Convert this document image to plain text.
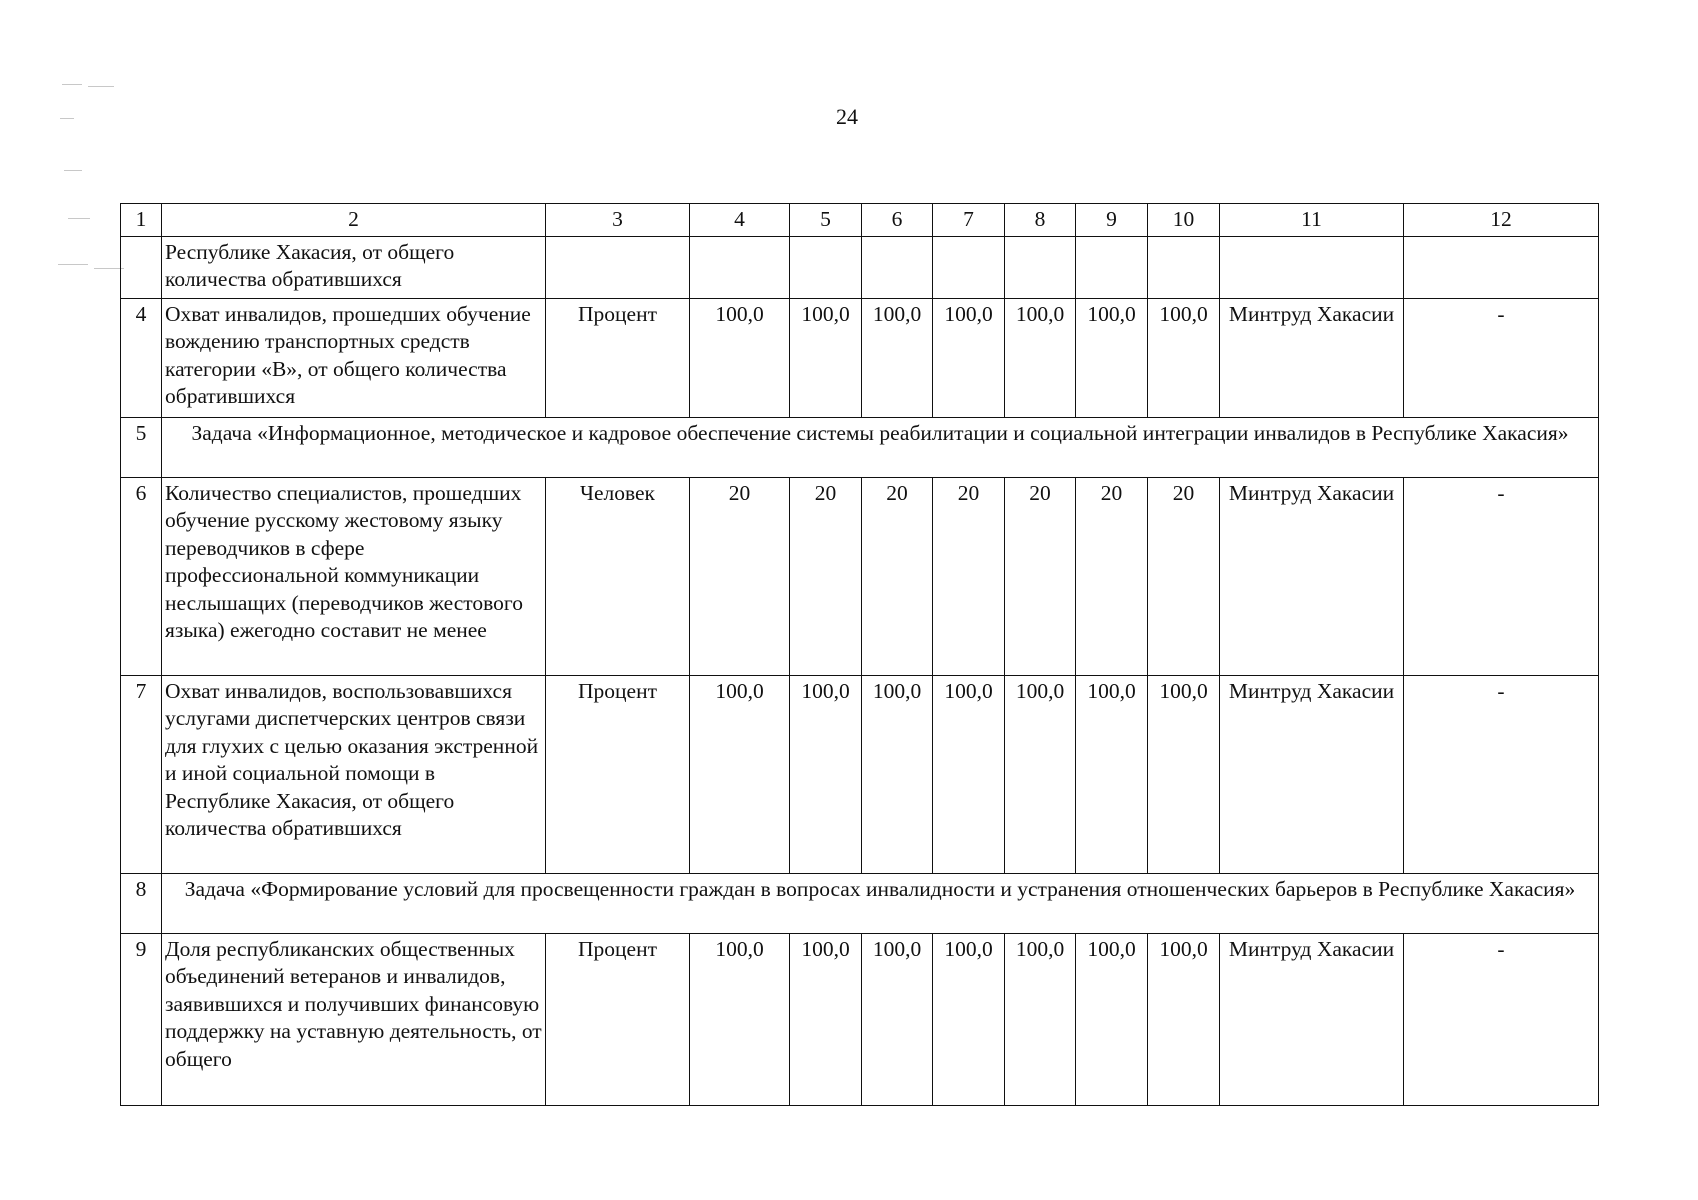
24
1	2	3	4	5	6	7	8	9	10	11	12
	Республике Хакасия, от общего количества обратившихся										
4	Охват инвалидов, прошедших обучение вождению транспортных средств категории «В», от общего количества обратившихся	Процент	100,0	100,0	100,0	100,0	100,0	100,0	100,0	Минтруд Хакасии	-
5	Задача «Информационное, методическое и кадровое обеспечение системы реабилитации и социальной интеграции инвалидов в Республике Хакасия»										
6	Количество специалистов, прошедших обучение русскому жестовому языку переводчиков в сфере профессиональной коммуникации неслышащих (переводчиков жестового языка) ежегодно составит не менее	Человек	20	20	20	20	20	20	20	Минтруд Хакасии	-
7	Охват инвалидов, воспользовавшихся услугами диспетчерских центров связи для глухих с целью оказания экстренной и иной социальной помощи в Республике Хакасия, от общего количества обратившихся	Процент	100,0	100,0	100,0	100,0	100,0	100,0	100,0	Минтруд Хакасии	-
8	Задача «Формирование условий для просвещенности граждан в вопросах инвалидности и устранения отношенческих барьеров в Республике Хакасия»										
9	Доля республиканских общественных объединений ветеранов и инвалидов, заявившихся и получивших финансовую поддержку на уставную деятельность, от общего	Процент	100,0	100,0	100,0	100,0	100,0	100,0	100,0	Минтруд Хакасии	-
